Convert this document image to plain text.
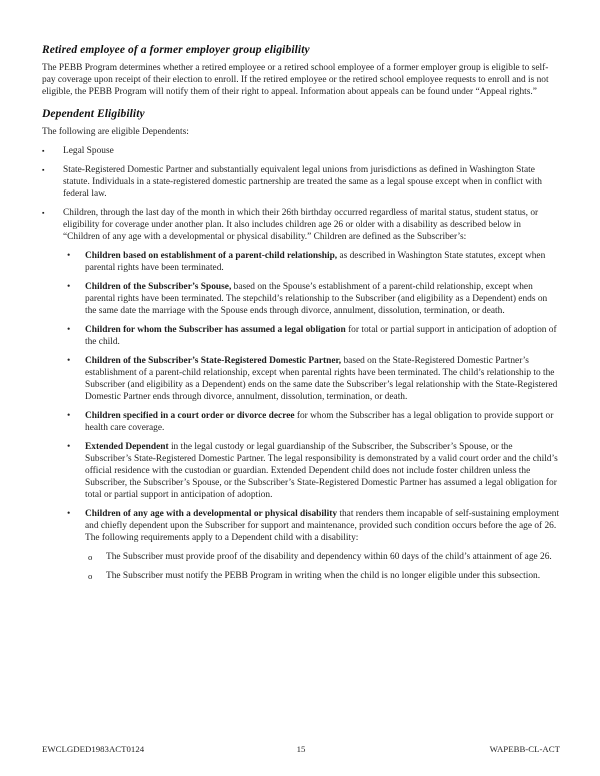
Retired employee of a former employer group eligibility

The PEBB Program determines whether a retired employee or a retired school employee of a former employer group is eligible to self-pay coverage upon receipt of their election to enroll. If the retired employee or the retired school employee requests to enroll and is not eligible, the PEBB Program will notify them of their right to appeal. Information about appeals can be found under “Appeal rights.”

Dependent Eligibility

The following are eligible Dependents:

▪	Legal Spouse
▪	State-Registered Domestic Partner and substantially equivalent legal unions from jurisdictions as defined in Washington State statute. Individuals in a state-registered domestic partnership are treated the same as a legal spouse except when in conflict with federal law.
▪	Children, through the last day of the month in which their 26th birthday occurred regardless of marital status, student status, or eligibility for coverage under another plan. It also includes children age 26 or older with a disability as described below in “Children of any age with a developmental or physical disability.” Children are defined as the Subscriber’s:
•	Children based on establishment of a parent-child relationship, as described in Washington State statutes, except when parental rights have been terminated.
•	Children of the Subscriber’s Spouse, based on the Spouse’s establishment of a parent-child relationship, except when parental rights have been terminated. The stepchild’s relationship to the Subscriber (and eligibility as a Dependent) ends on the same date the marriage with the Spouse ends through divorce, annulment, dissolution, termination, or death.
•	Children for whom the Subscriber has assumed a legal obligation for total or partial support in anticipation of adoption of the child.
•	Children of the Subscriber’s State-Registered Domestic Partner, based on the State-Registered Domestic Partner’s establishment of a parent-child relationship, except when parental rights have been terminated. The child’s relationship to the Subscriber (and eligibility as a Dependent) ends on the same date the Subscriber’s legal relationship with the State-Registered Domestic Partner ends through divorce, annulment, dissolution, termination, or death.
•	Children specified in a court order or divorce decree for whom the Subscriber has a legal obligation to provide support or health care coverage.
•	Extended Dependent in the legal custody or legal guardianship of the Subscriber, the Subscriber’s Spouse, or the Subscriber’s State-Registered Domestic Partner. The legal responsibility is demonstrated by a valid court order and the child’s official residence with the custodian or guardian. Extended Dependent child does not include foster children unless the Subscriber, the Subscriber’s Spouse, or the Subscriber’s State-Registered Domestic Partner has assumed a legal obligation for total or partial support in anticipation of adoption.
•	Children of any age with a developmental or physical disability that renders them incapable of self-sustaining employment and chiefly dependent upon the Subscriber for support and maintenance, provided such condition occurs before the age of 26. The following requirements apply to a Dependent child with a disability:
o	The Subscriber must provide proof of the disability and dependency within 60 days of the child’s attainment of age 26.
o	The Subscriber must notify the PEBB Program in writing when the child is no longer eligible under this subsection.
EWCLGDED1983ACT0124	15	WAPEBB-CL-ACT
